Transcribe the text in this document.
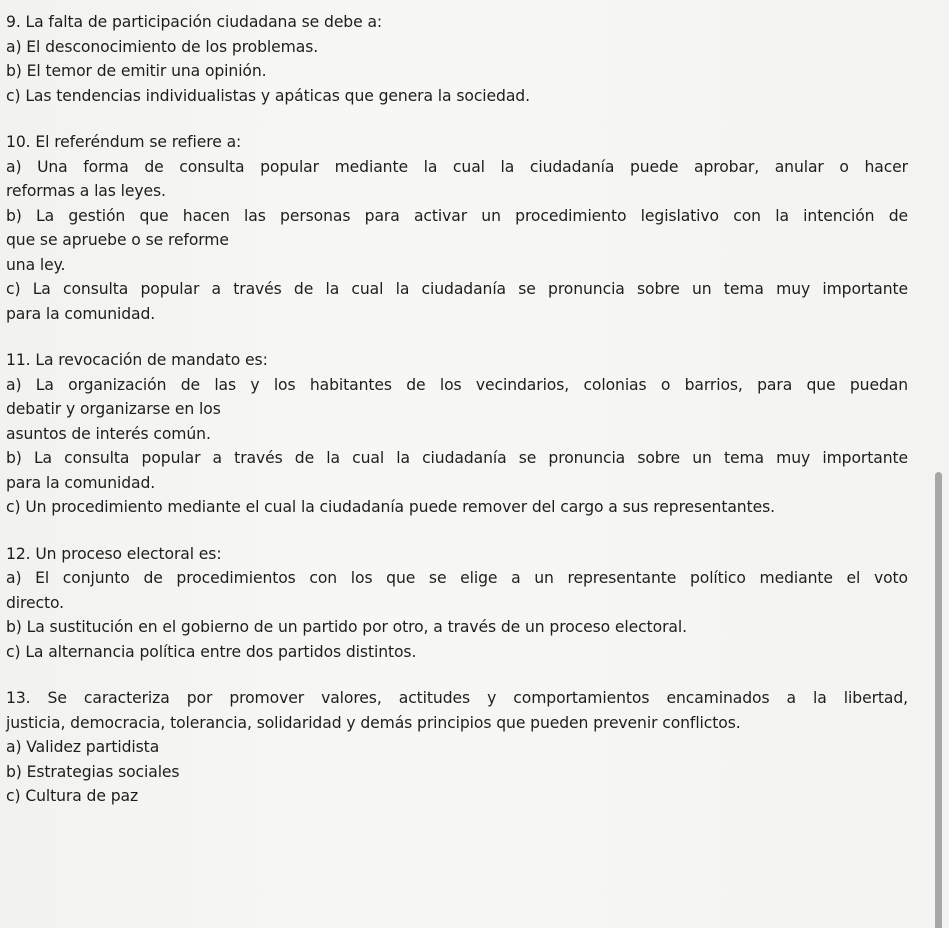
9. La falta de participación ciudadana se debe a:
a) El desconocimiento de los problemas.
b) El temor de emitir una opinión.
c) Las tendencias individualistas y apáticas que genera la sociedad.
10. El referéndum se refiere a:
a) Una forma de consulta popular mediante la cual la ciudadanía puede aprobar, anular o hacer
reformas a las leyes.
b) La gestión que hacen las personas para activar un procedimiento legislativo con la intención de
que se apruebe o se reforme
una ley.
c) La consulta popular a través de la cual la ciudadanía se pronuncia sobre un tema muy importante
para la comunidad.
11. La revocación de mandato es:
a) La organización de las y los habitantes de los vecindarios, colonias o barrios, para que puedan
debatir y organizarse en los
asuntos de interés común.
b) La consulta popular a través de la cual la ciudadanía se pronuncia sobre un tema muy importante
para la comunidad.
c) Un procedimiento mediante el cual la ciudadanía puede remover del cargo a sus representantes.
12. Un proceso electoral es:
a) El conjunto de procedimientos con los que se elige a un representante político mediante el voto
directo.
b) La sustitución en el gobierno de un partido por otro, a través de un proceso electoral.
c) La alternancia política entre dos partidos distintos.
13. Se caracteriza por promover valores, actitudes y comportamientos encaminados a la libertad,
justicia, democracia, tolerancia, solidaridad y demás principios que pueden prevenir conflictos.
a) Validez partidista
b) Estrategias sociales
c) Cultura de paz
